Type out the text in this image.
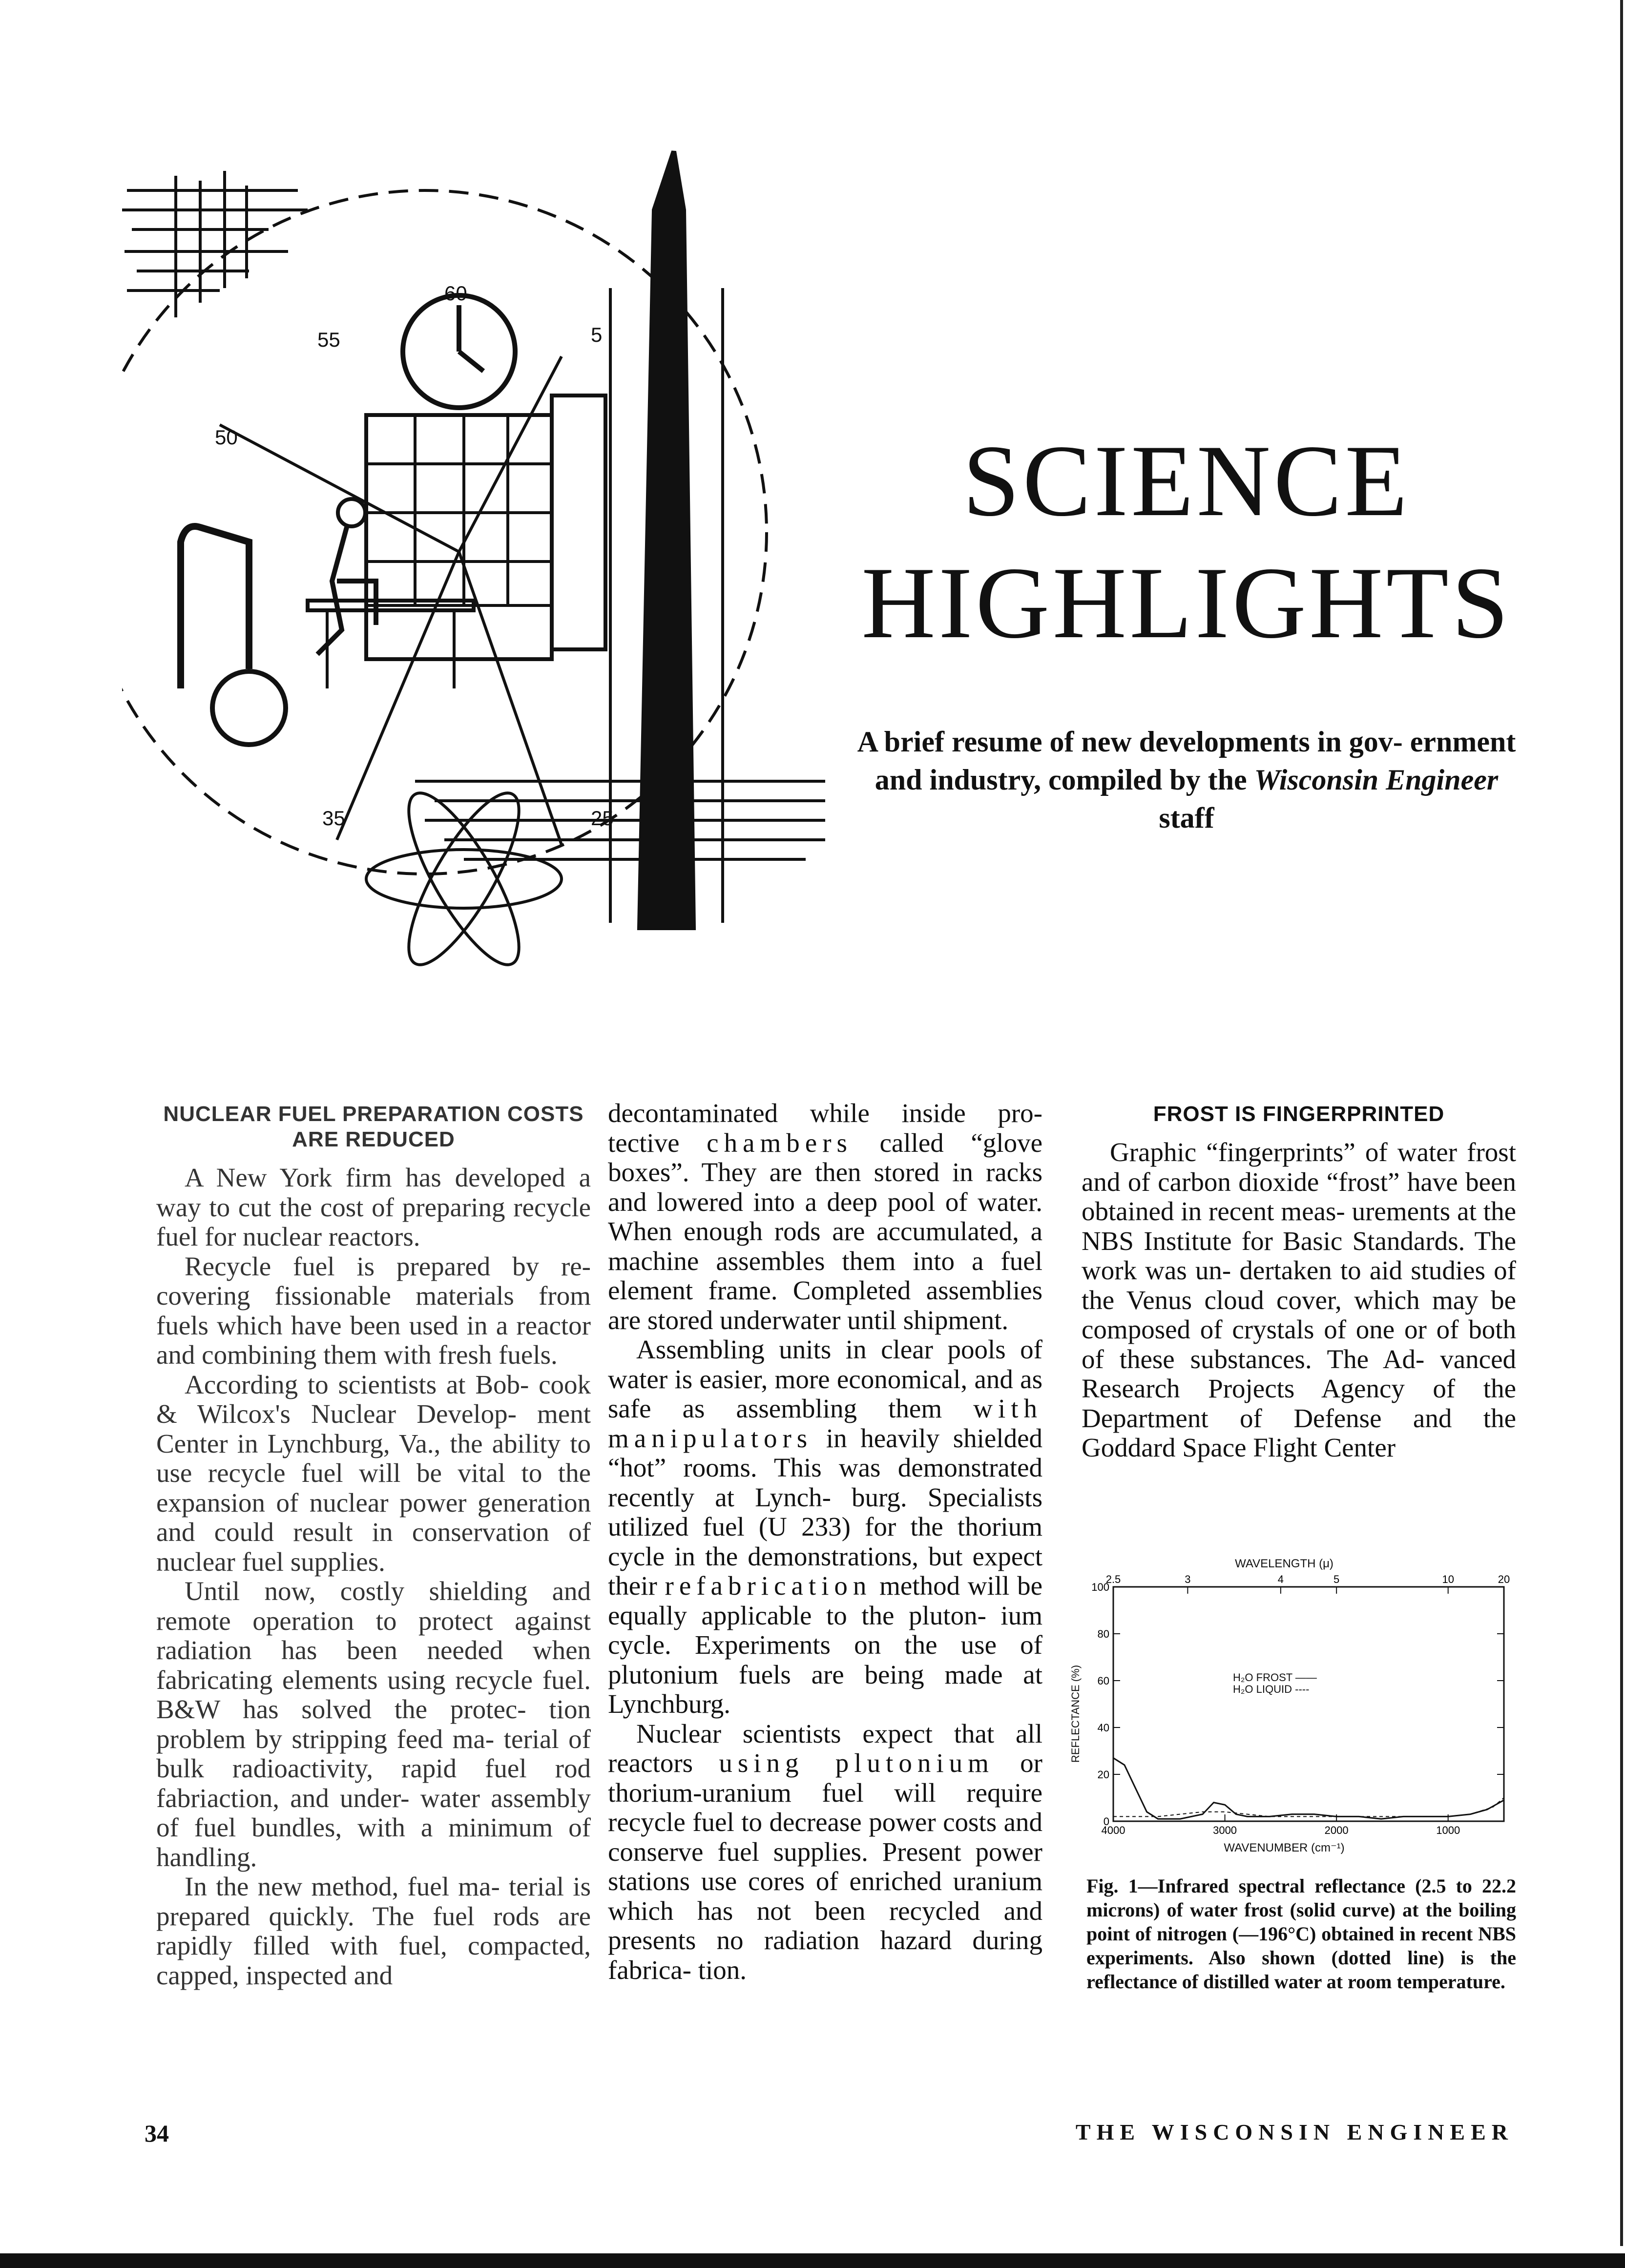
60
55	5
50
35	25
SCIENCE
HIGHLIGHTS
A brief resume of new developments in gov- ernment and industry, compiled by the Wisconsin Engineer staff
NUCLEAR FUEL PREPARATION COSTS ARE REDUCED

A New York firm has developed a way to cut the cost of preparing recycle fuel for nuclear reactors.

Recycle fuel is prepared by re- covering fissionable materials from fuels which have been used in a reactor and combining them with fresh fuels.

According to scientists at Bob- cook & Wilcox's Nuclear Develop- ment Center in Lynchburg, Va., the ability to use recycle fuel will be vital to the expansion of nuclear power generation and could result in conservation of nuclear fuel supplies.

Until now, costly shielding and remote operation to protect against radiation has been needed when fabricating elements using recycle fuel. B&W has solved the protec- tion problem by stripping feed ma- terial of bulk radioactivity, rapid fuel rod fabriaction, and under- water assembly of fuel bundles, with a minimum of handling.

In the new method, fuel ma- terial is prepared quickly. The fuel rods are rapidly filled with fuel, compacted, capped, inspected and

decontaminated while inside pro- tective chambers called “glove boxes”. They are then stored in racks and lowered into a deep pool of water. When enough rods are accumulated, a machine assembles them into a fuel element frame. Completed assemblies are stored underwater until shipment.

Assembling units in clear pools of water is easier, more economical, and as safe as assembling them with manipulators in heavily shielded “hot” rooms. This was demonstrated recently at Lynch- burg. Specialists utilized fuel (U 233) for the thorium cycle in the demonstrations, but expect their refabrication method will be equally applicable to the pluton- ium cycle. Experiments on the use of plutonium fuels are being made at Lynchburg.

Nuclear scientists expect that all reactors using plutonium or thorium-uranium fuel will require recycle fuel to decrease power costs and conserve fuel supplies. Present power stations use cores of enriched uranium which has not been recycled and presents no radiation hazard during fabrica- tion.

FROST IS FINGERPRINTED

Graphic “fingerprints” of water frost and of carbon dioxide “frost” have been obtained in recent meas- urements at the NBS Institute for Basic Standards. The work was un- dertaken to aid studies of the Venus cloud cover, which may be composed of crystals of one or of both of these substances. The Ad- vanced Research Projects Agency of the Department of Defense and the Goddard Space Flight Center

WAVELENGTH (μ)
WAVENUMBER (cm⁻¹)
REFLECTANCE (%)	H₂O FROST ——
H₂O LIQUID ----
0
20
40
60
80
100
4000	3000	2000	1000
2.5	3	4	5	10	20
Fig. 1—Infrared spectral reflectance (2.5 to 22.2 microns) of water frost (solid curve) at the boiling point of nitrogen (—196°C) obtained in recent NBS experiments. Also shown (dotted line) is the reflectance of distilled water at room temperature.
34	THE WISCONSIN ENGINEER
